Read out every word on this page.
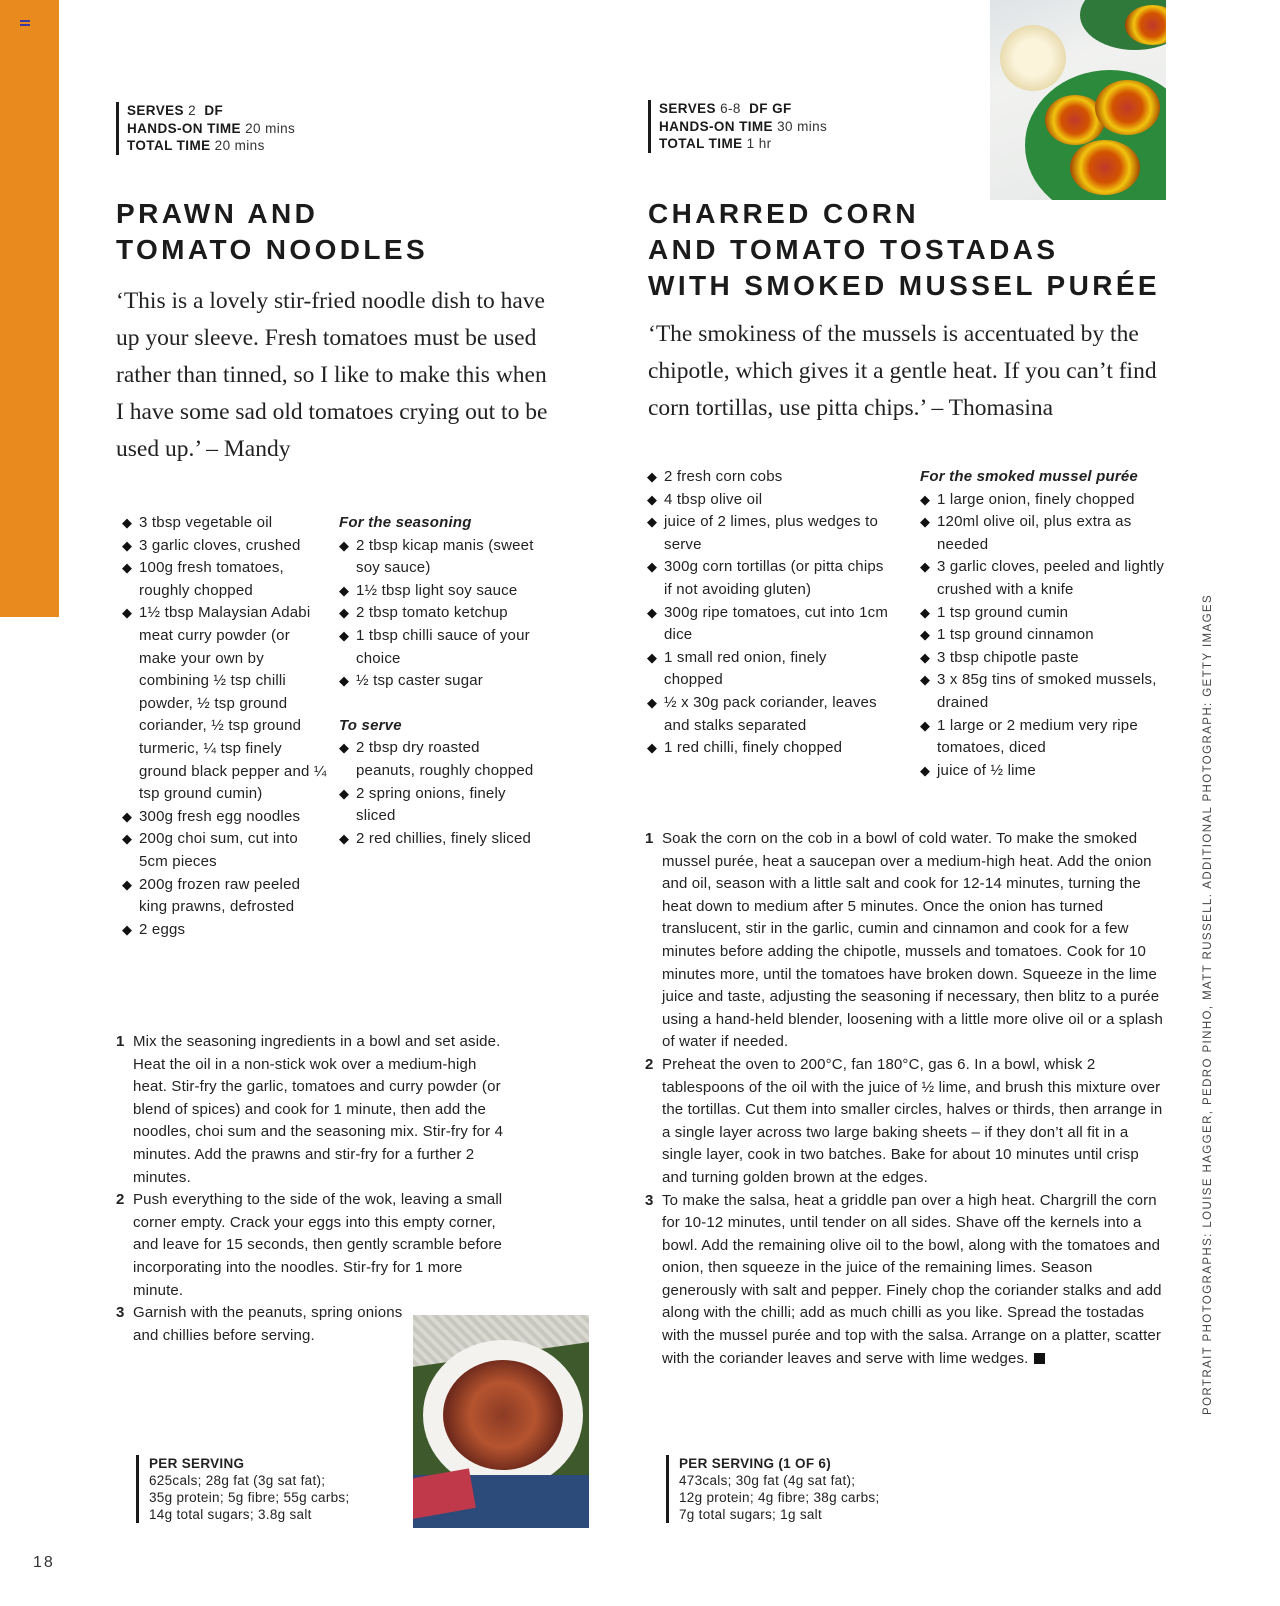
SERVES 2 DF
HANDS-ON TIME 20 mins
TOTAL TIME 20 mins
PRAWN AND
TOMATO NOODLES
‘This is a lovely stir-fried noodle dish to have up your sleeve. Fresh tomatoes must be used rather than tinned, so I like to make this when I have some sad old tomatoes crying out to be used up.’ – Mandy
◆ 3 tbsp vegetable oil
◆ 3 garlic cloves, crushed
◆ 100g fresh tomatoes, roughly chopped
◆ 1½ tbsp Malaysian Adabi meat curry powder (or make your own by combining ½ tsp chilli powder, ½ tsp ground coriander, ½ tsp ground turmeric, ¼ tsp finely ground black pepper and ¼ tsp ground cumin)
◆ 300g fresh egg noodles
◆ 200g choi sum, cut into 5cm pieces
◆ 200g frozen raw peeled king prawns, defrosted
◆ 2 eggs

For the seasoning

◆ 2 tbsp kicap manis (sweet soy sauce)
◆ 1½ tbsp light soy sauce
◆ 2 tbsp tomato ketchup
◆ 1 tbsp chilli sauce of your choice
◆ ½ tsp caster sugar

To serve

◆ 2 tbsp dry roasted peanuts, roughly chopped
◆ 2 spring onions, finely sliced
◆ 2 red chillies, finely sliced
1 Mix the seasoning ingredients in a bowl and set aside. Heat the oil in a non-stick wok over a medium-high heat. Stir-fry the garlic, tomatoes and curry powder (or blend of spices) and cook for 1 minute, then add the noodles, choi sum and the seasoning mix. Stir-fry for 4 minutes. Add the prawns and stir-fry for a further 2 minutes.
2 Push everything to the side of the wok, leaving a small corner empty. Crack your eggs into this empty corner, and leave for 15 seconds, then gently scramble before incorporating into the noodles. Stir-fry for 1 more minute.
3 Garnish with the peanuts, spring onions and chillies before serving.
PER SERVING
625cals; 28g fat (3g sat fat);
35g protein; 5g fibre; 55g carbs;
14g total sugars; 3.8g salt
SERVES 6-8 DF GF
HANDS-ON TIME 30 mins
TOTAL TIME 1 hr
CHARRED CORN
AND TOMATO TOSTADAS
WITH SMOKED MUSSEL PURÉE
‘The smokiness of the mussels is accentuated by the chipotle, which gives it a gentle heat. If you can’t find corn tortillas, use pitta chips.’ – Thomasina
◆ 2 fresh corn cobs
◆ 4 tbsp olive oil
◆ juice of 2 limes, plus wedges to serve
◆ 300g corn tortillas (or pitta chips if not avoiding gluten)
◆ 300g ripe tomatoes, cut into 1cm dice
◆ 1 small red onion, finely chopped
◆ ½ x 30g pack coriander, leaves and stalks separated
◆ 1 red chilli, finely chopped

For the smoked mussel purée

◆ 1 large onion, finely chopped
◆ 120ml olive oil, plus extra as needed
◆ 3 garlic cloves, peeled and lightly crushed with a knife
◆ 1 tsp ground cumin
◆ 1 tsp ground cinnamon
◆ 3 tbsp chipotle paste
◆ 3 x 85g tins of smoked mussels, drained
◆ 1 large or 2 medium very ripe tomatoes, diced
◆ juice of ½ lime
1 Soak the corn on the cob in a bowl of cold water. To make the smoked mussel purée, heat a saucepan over a medium-high heat. Add the onion and oil, season with a little salt and cook for 12-14 minutes, turning the heat down to medium after 5 minutes. Once the onion has turned translucent, stir in the garlic, cumin and cinnamon and cook for a few minutes before adding the chipotle, mussels and tomatoes. Cook for 10 minutes more, until the tomatoes have broken down. Squeeze in the lime juice and taste, adjusting the seasoning if necessary, then blitz to a purée using a hand-held blender, loosening with a little more olive oil or a splash of water if needed.
2 Preheat the oven to 200°C, fan 180°C, gas 6. In a bowl, whisk 2 tablespoons of the oil with the juice of ½ lime, and brush this mixture over the tortillas. Cut them into smaller circles, halves or thirds, then arrange in a single layer across two large baking sheets – if they don’t all fit in a single layer, cook in two batches. Bake for about 10 minutes until crisp and turning golden brown at the edges.
3 To make the salsa, heat a griddle pan over a high heat. Chargrill the corn for 10-12 minutes, until tender on all sides. Shave off the kernels into a bowl. Add the remaining olive oil to the bowl, along with the tomatoes and onion, then squeeze in the juice of the remaining limes. Season generously with salt and pepper. Finely chop the coriander stalks and add along with the chilli; add as much chilli as you like. Spread the tostadas with the mussel purée and top with the salsa. Arrange on a platter, scatter with the coriander leaves and serve with lime wedges.
PER SERVING (1 OF 6)
473cals; 30g fat (4g sat fat);
12g protein; 4g fibre; 38g carbs;
7g total sugars; 1g salt
PORTRAIT PHOTOGRAPHS: LOUISE HAGGER, PEDRO PINHO, MATT RUSSELL. ADDITIONAL PHOTOGRAPH: GETTY IMAGES
18
